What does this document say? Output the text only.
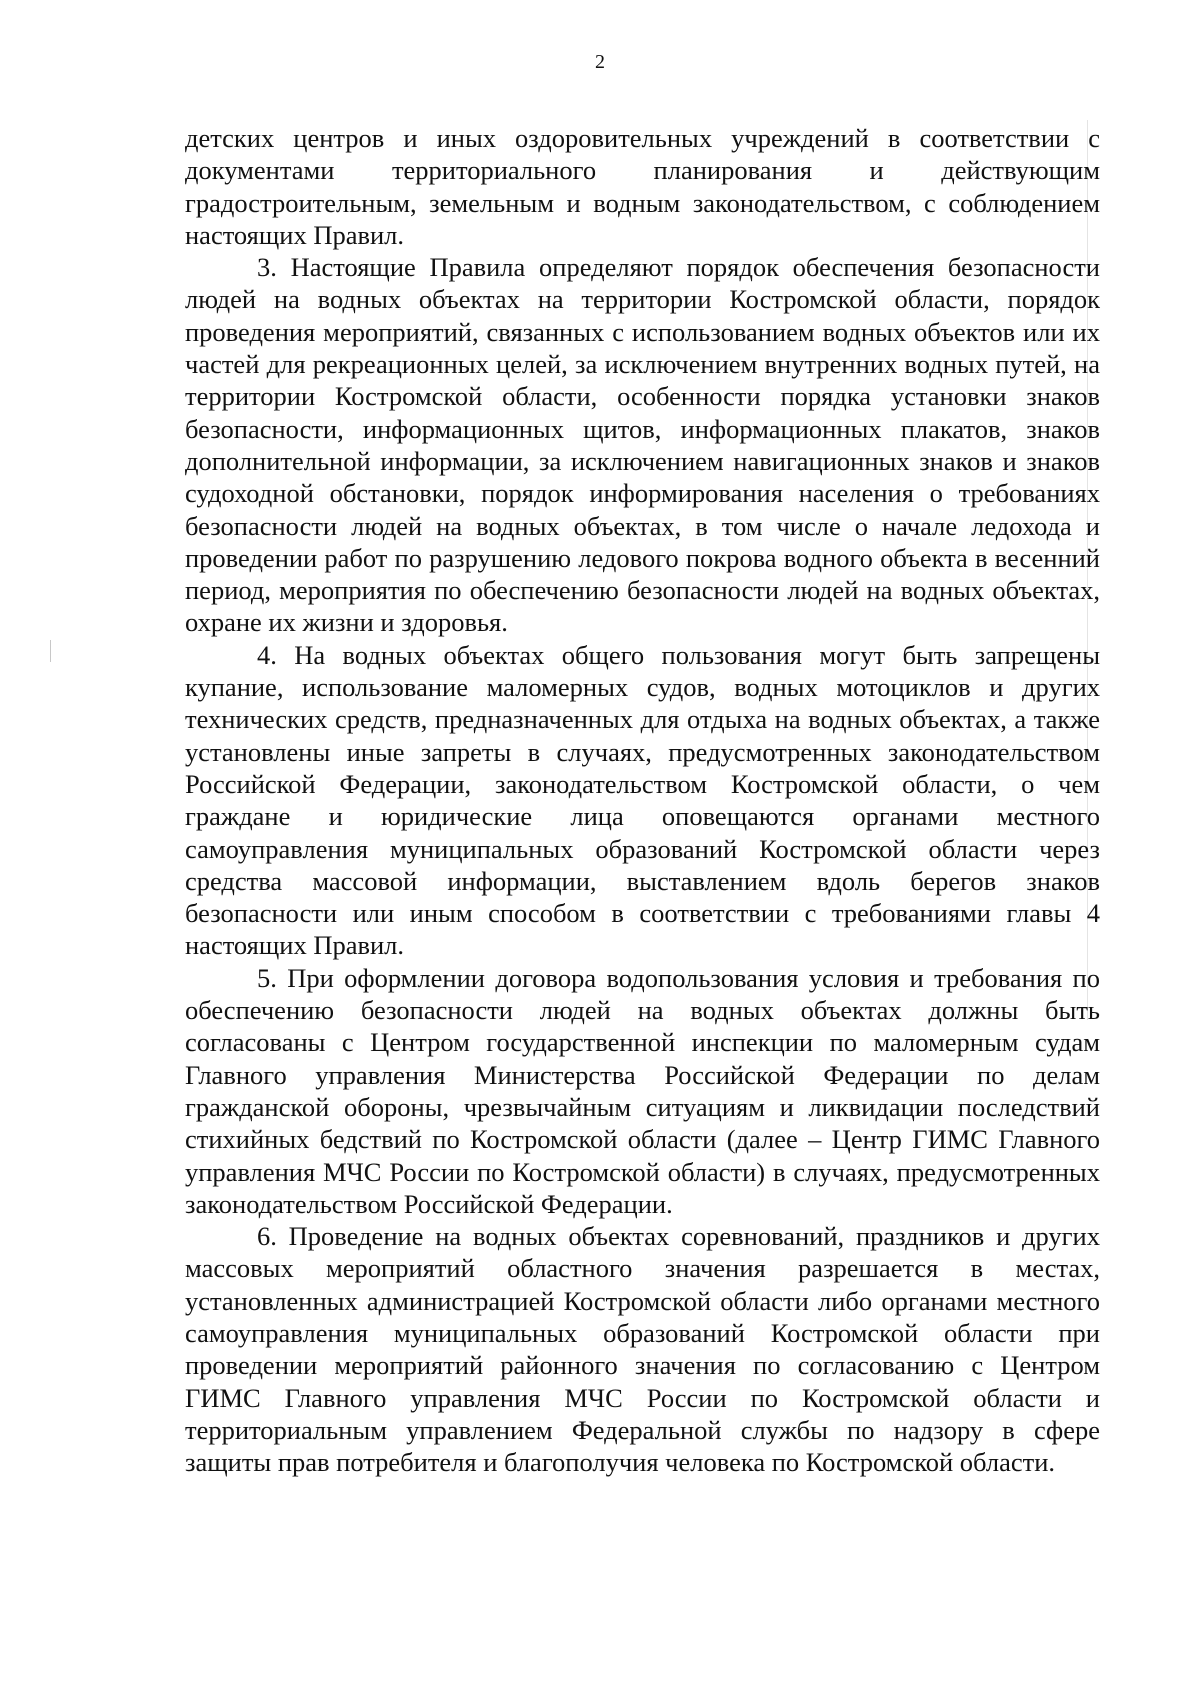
2

детских центров и иных оздоровительных учреждений в соответствии с документами территориального планирования и действующим градостроительным, земельным и водным законодательством, с соблюдением настоящих Правил.

3. Настоящие Правила определяют порядок обеспечения безопасности людей на водных объектах на территории Костромской области, порядок проведения мероприятий, связанных с использованием водных объектов или их частей для рекреационных целей, за исключением внутренних водных путей, на территории Костромской области, особенности порядка установки знаков безопасности, информационных щитов, информационных плакатов, знаков дополнительной информации, за исключением навигационных знаков и знаков судоходной обстановки, порядок информирования населения о требованиях безопасности людей на водных объектах, в том числе о начале ледохода и проведении работ по разрушению ледового покрова водного объекта в весенний период, мероприятия по обеспечению безопасности людей на водных объектах, охране их жизни и здоровья.

4. На водных объектах общего пользования могут быть запрещены купание, использование маломерных судов, водных мотоциклов и других технических средств, предназначенных для отдыха на водных объектах, а также установлены иные запреты в случаях, предусмотренных законодательством Российской Федерации, законодательством Костромской области, о чем граждане и юридические лица оповещаются органами местного самоуправления муниципальных образований Костромской области через средства массовой информации, выставлением вдоль берегов знаков безопасности или иным способом в соответствии с требованиями главы 4 настоящих Правил.

5. При оформлении договора водопользования условия и требования по обеспечению безопасности людей на водных объектах должны быть согласованы с Центром государственной инспекции по маломерным судам Главного управления Министерства Российской Федерации по делам гражданской обороны, чрезвычайным ситуациям и ликвидации последствий стихийных бедствий по Костромской области (далее – Центр ГИМС Главного управления МЧС России по Костромской области) в случаях, предусмотренных законодательством Российской Федерации.

6. Проведение на водных объектах соревнований, праздников и других массовых мероприятий областного значения разрешается в местах, установленных администрацией Костромской области либо органами местного самоуправления муниципальных образований Костромской области при проведении мероприятий районного значения по согласованию с Центром ГИМС Главного управления МЧС России по Костромской области и территориальным управлением Федеральной службы по надзору в сфере защиты прав потребителя и благополучия человека по Костромской области.
